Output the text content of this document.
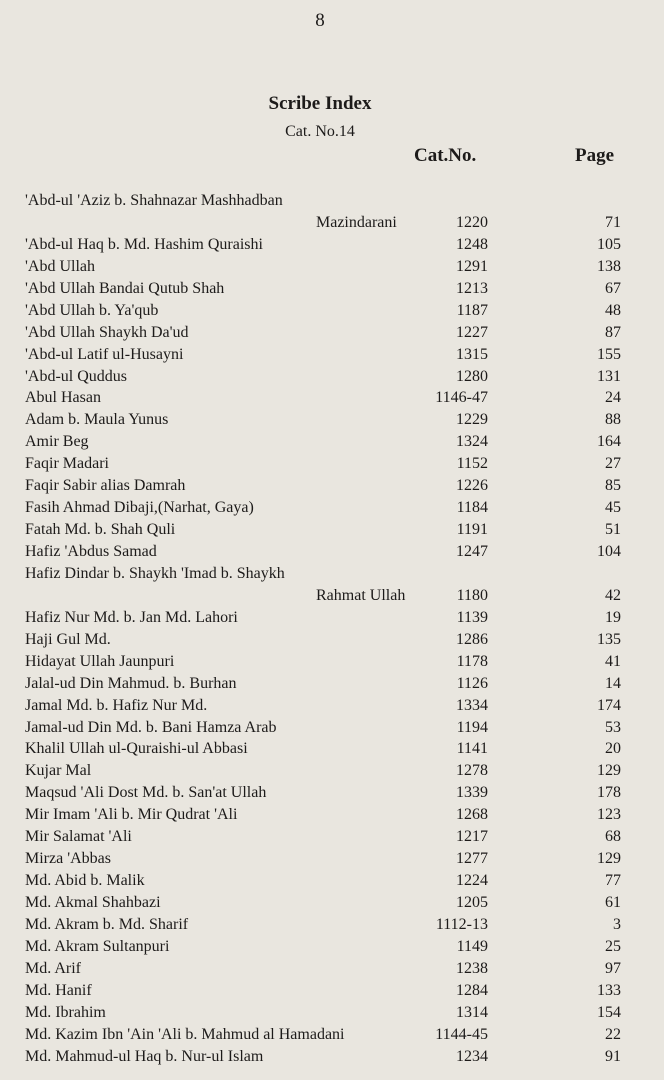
8
Scribe Index
Cat. No.14
Cat.No.	Page
'Abd-ul 'Aziz b. Shahnazar Mashhadban
Mazindarani	1220	71
'Abd-ul Haq b. Md. Hashim Quraishi	1248	105
'Abd Ullah	1291	138
'Abd Ullah Bandai Qutub Shah	1213	67
'Abd Ullah b. Ya'qub	1187	48
'Abd Ullah Shaykh Da'ud	1227	87
'Abd-ul Latif ul-Husayni	1315	155
'Abd-ul Quddus	1280	131
Abul Hasan	1146-47	24
Adam b. Maula Yunus	1229	88
Amir Beg	1324	164
Faqir Madari	1152	27
Faqir Sabir alias Damrah	1226	85
Fasih Ahmad Dibaji,(Narhat, Gaya)	1184	45
Fatah Md. b. Shah Quli	1191	51
Hafiz 'Abdus Samad	1247	104
Hafiz Dindar b. Shaykh 'Imad b. Shaykh
Rahmat Ullah	1180	42
Hafiz Nur Md. b. Jan Md. Lahori	1139	19
Haji Gul Md.	1286	135
Hidayat Ullah Jaunpuri	1178	41
Jalal-ud Din Mahmud. b. Burhan	1126	14
Jamal Md. b. Hafiz Nur Md.	1334	174
Jamal-ud Din Md. b. Bani Hamza Arab	1194	53
Khalil Ullah ul-Quraishi-ul Abbasi	1141	20
Kujar Mal	1278	129
Maqsud 'Ali Dost Md. b. San'at Ullah	1339	178
Mir Imam 'Ali b. Mir Qudrat 'Ali	1268	123
Mir Salamat 'Ali	1217	68
Mirza 'Abbas	1277	129
Md. Abid b. Malik	1224	77
Md. Akmal Shahbazi	1205	61
Md. Akram b. Md. Sharif	1112-13	3
Md. Akram Sultanpuri	1149	25
Md. Arif	1238	97
Md. Hanif	1284	133
Md. Ibrahim	1314	154
Md. Kazim Ibn 'Ain 'Ali b. Mahmud al Hamadani	1144-45	22
Md. Mahmud-ul Haq b. Nur-ul Islam	1234	91
